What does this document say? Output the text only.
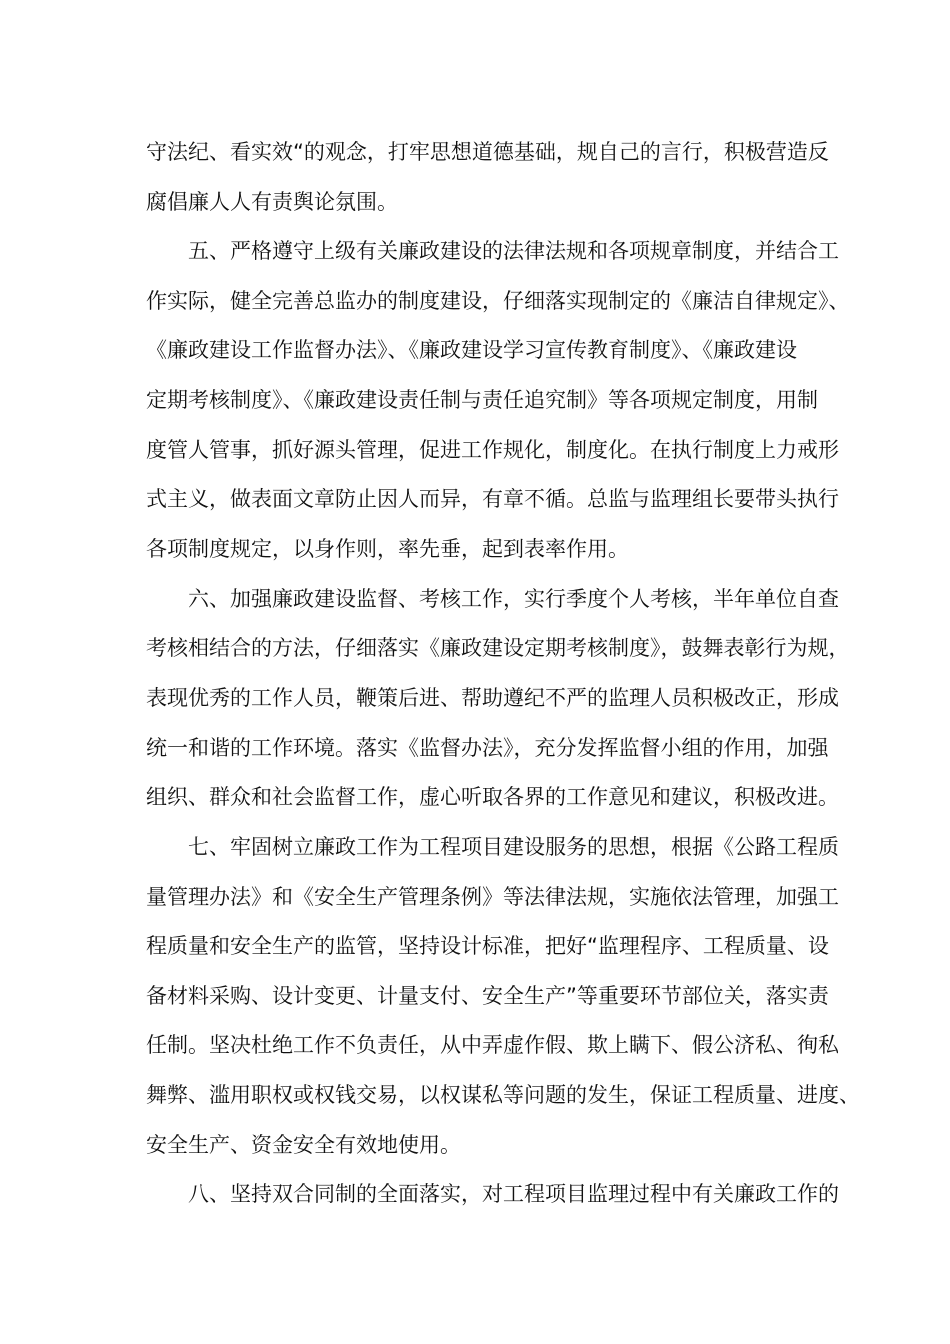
守法纪、看实效“的观念，打牢思想道德基础，规自己的言行，积极营造反
腐倡廉人人有责舆论氛围。
五、严格遵守上级有关廉政建设的法律法规和各项规章制度，并结合工
作实际，健全完善总监办的制度建设，仔细落实现制定的《廉洁自律规定》、
《廉政建设工作监督办法》、《廉政建设学习宣传教育制度》、《廉政建设
定期考核制度》、《廉政建设责任制与责任追究制》等各项规定制度，用制
度管人管事，抓好源头管理，促进工作规化，制度化。在执行制度上力戒形
式主义，做表面文章防止因人而异，有章不循。总监与监理组长要带头执行
各项制度规定，以身作则，率先垂，起到表率作用。
六、加强廉政建设监督、考核工作，实行季度个人考核，半年单位自查
考核相结合的方法，仔细落实《廉政建设定期考核制度》，鼓舞表彰行为规，
表现优秀的工作人员，鞭策后进、帮助遵纪不严的监理人员积极改正，形成
统一和谐的工作环境。落实《监督办法》，充分发挥监督小组的作用，加强
组织、群众和社会监督工作，虚心听取各界的工作意见和建议，积极改进。
七、牢固树立廉政工作为工程项目建设服务的思想，根据《公路工程质
量管理办法》和《安全生产管理条例》等法律法规，实施依法管理，加强工
程质量和安全生产的监管，坚持设计标准，把好“监理程序、工程质量、设
备材料采购、设计变更、计量支付、安全生产”等重要环节部位关，落实责
任制。坚决杜绝工作不负责任，从中弄虚作假、欺上瞒下、假公济私、徇私
舞弊、滥用职权或权钱交易，以权谋私等问题的发生，保证工程质量、进度、
安全生产、资金安全有效地使用。
八、坚持双合同制的全面落实，对工程项目监理过程中有关廉政工作的
